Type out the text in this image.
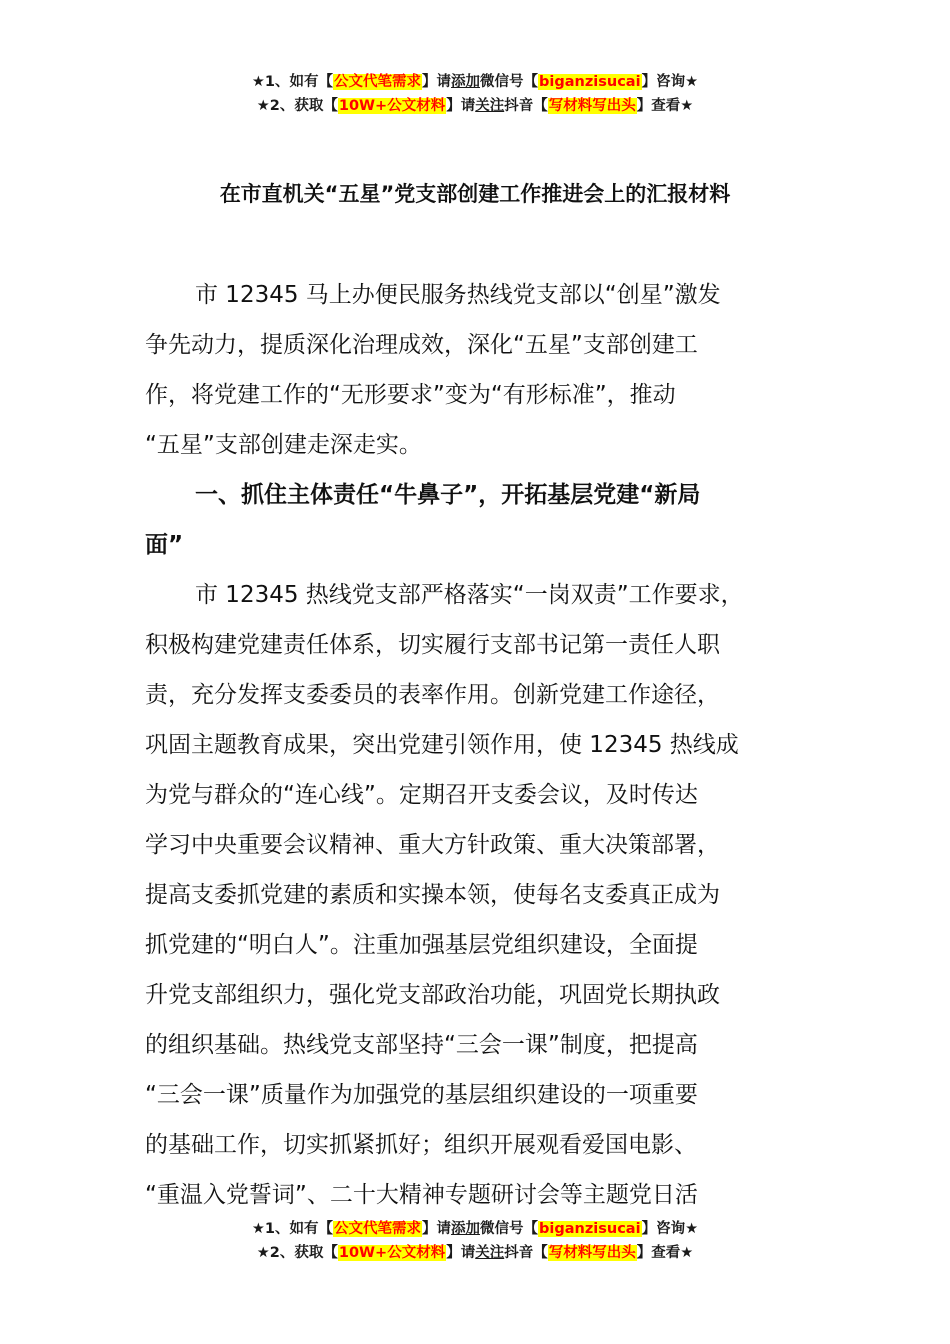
★1、如有【公文代笔需求】请添加微信号【biganzisucai】咨询★
★2、获取【10W+公文材料】请关注抖音【写材料写出头】查看★
在市直机关“五星”党支部创建工作推进会上的汇报材料
市 12345 马上办便民服务热线党支部以“创星”激发
争先动力，提质深化治理成效，深化“五星”支部创建工
作，将党建工作的“无形要求”变为“有形标准”，推动
“五星”支部创建走深走实。
一、抓住主体责任“牛鼻子”，开拓基层党建“新局
面”
市 12345 热线党支部严格落实“一岗双责”工作要求，
积极构建党建责任体系，切实履行支部书记第一责任人职
责，充分发挥支委委员的表率作用。创新党建工作途径，
巩固主题教育成果，突出党建引领作用，使 12345 热线成
为党与群众的“连心线”。定期召开支委会议，及时传达
学习中央重要会议精神、重大方针政策、重大决策部署，
提高支委抓党建的素质和实操本领，使每名支委真正成为
抓党建的“明白人”。注重加强基层党组织建设，全面提
升党支部组织力，强化党支部政治功能，巩固党长期执政
的组织基础。热线党支部坚持“三会一课”制度，把提高
“三会一课”质量作为加强党的基层组织建设的一项重要
的基础工作，切实抓紧抓好；组织开展观看爱国电影、
“重温入党誓词”、二十大精神专题研讨会等主题党日活
★1、如有【公文代笔需求】请添加微信号【biganzisucai】咨询★
★2、获取【10W+公文材料】请关注抖音【写材料写出头】查看★
